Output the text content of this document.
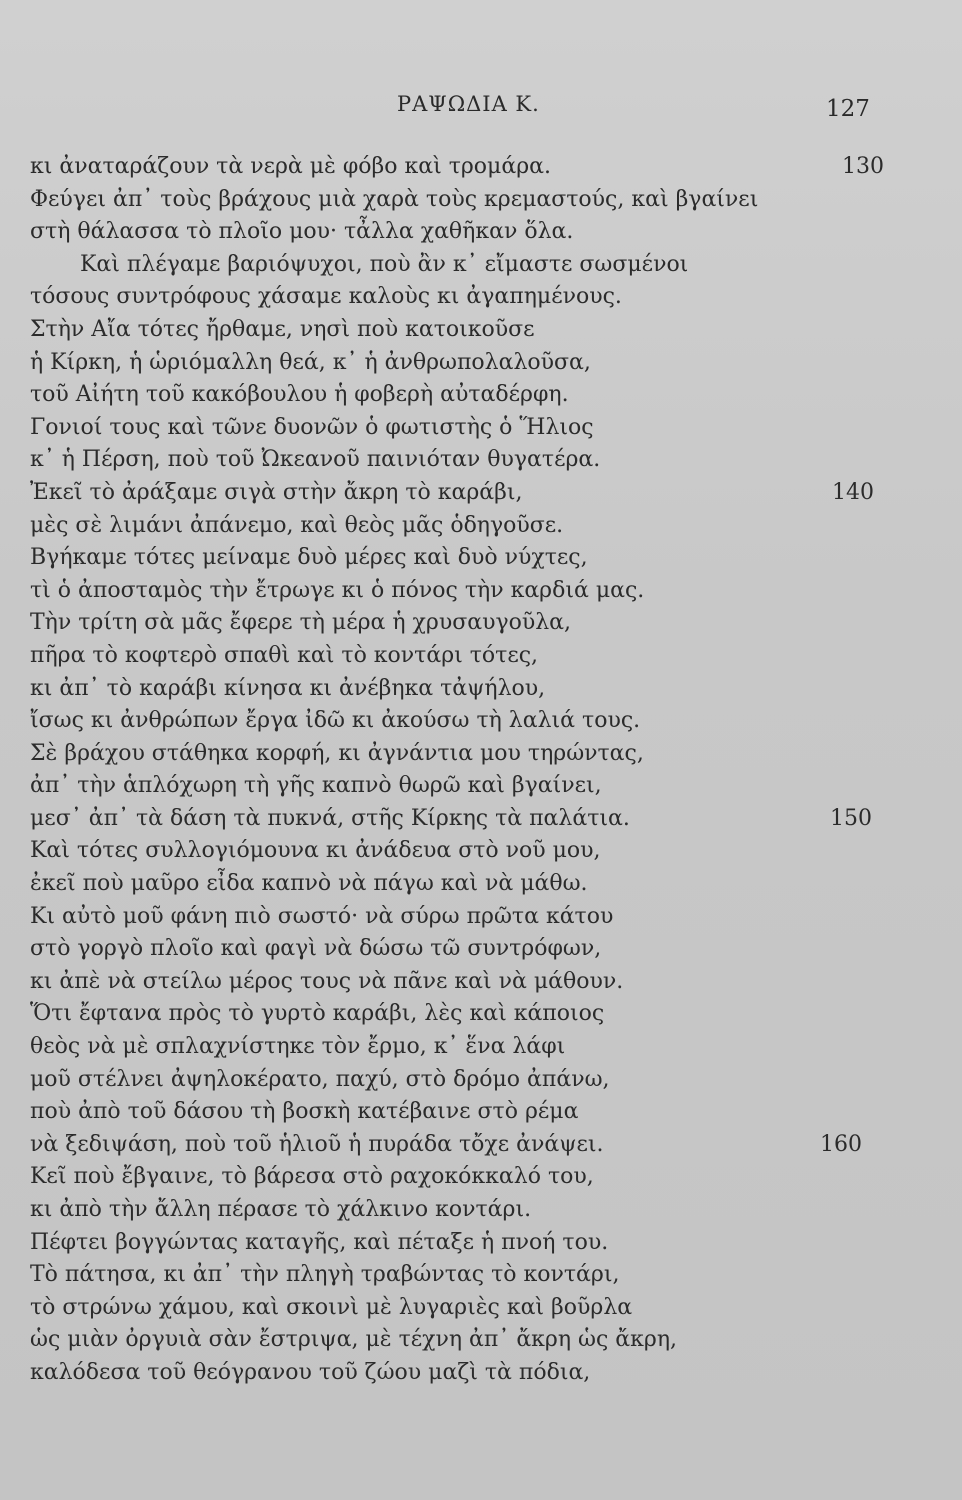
ΡΑΨΩΔΙΑ Κ.	127
κι ἀναταράζουν τὰ νερὰ μὲ φόβο καὶ τρομάρα.	130
Φεύγει ἀπ᾽ τοὺς βράχους μιὰ χαρὰ τοὺς κρεμαστούς, καὶ βγαίνει
στὴ θάλασσα τὸ πλοῖο μου· τἆλλα χαθῆκαν ὅλα.
Καὶ πλέγαμε βαριόψυχοι, ποὺ ἂν κ᾽ εἴμαστε σωσμένοι
τόσους συντρόφους χάσαμε καλοὺς κι ἀγαπημένους.
Στὴν Αἴα τότες ἤρθαμε, νησὶ ποὺ κατοικοῦσε
ἡ Κίρκη, ἡ ὡριόμαλλη θεά, κ᾽ ἡ ἀνθρωπολαλοῦσα,
τοῦ Αἰήτη τοῦ κακόβουλου ἡ φοβερὴ αὐταδέρφη.
Γονιοί τους καὶ τῶνε δυονῶν ὁ φωτιστὴς ὁ Ἥλιος
κ᾽ ἡ Πέρση, ποὺ τοῦ Ὠκεανοῦ παινιόταν θυγατέρα.
Ἐκεῖ τὸ ἀράξαμε σιγὰ στὴν ἄκρη τὸ καράβι,	140
μὲς σὲ λιμάνι ἀπάνεμο, καὶ θεὸς μᾶς ὁδηγοῦσε.
Βγήκαμε τότες μείναμε δυὸ μέρες καὶ δυὸ νύχτες,
τὶ ὁ ἀποσταμὸς τὴν ἔτρωγε κι ὁ πόνος τὴν καρδιά μας.
Τὴν τρίτη σὰ μᾶς ἔφερε τὴ μέρα ἡ χρυσαυγοῦλα,
πῆρα τὸ κοφτερὸ σπαθὶ καὶ τὸ κοντάρι τότες,
κι ἀπ᾽ τὸ καράβι κίνησα κι ἀνέβηκα τἀψήλου,
ἴσως κι ἀνθρώπων ἔργα ἰδῶ κι ἀκούσω τὴ λαλιά τους.
Σὲ βράχου στάθηκα κορφή, κι ἀγνάντια μου τηρώντας,
ἀπ᾽ τὴν ἁπλόχωρη τὴ γῆς καπνὸ θωρῶ καὶ βγαίνει,
μεσ᾽ ἀπ᾽ τὰ δάση τὰ πυκνά, στῆς Κίρκης τὰ παλάτια.	150
Καὶ τότες συλλογιόμουνα κι ἀνάδευα στὸ νοῦ μου,
ἐκεῖ ποὺ μαῦρο εἶδα καπνὸ νὰ πάγω καὶ νὰ μάθω.
Κι αὐτὸ μοῦ φάνη πιὸ σωστό· νὰ σύρω πρῶτα κάτου
στὸ γοργὸ πλοῖο καὶ φαγὶ νὰ δώσω τῶ συντρόφων,
κι ἀπὲ νὰ στείλω μέρος τους νὰ πᾶνε καὶ νὰ μάθουν.
Ὅτι ἔφτανα πρὸς τὸ γυρτὸ καράβι, λὲς καὶ κάποιος
θεὸς νὰ μὲ σπλαχνίστηκε τὸν ἔρμο, κ᾽ ἕνα λάφι
μοῦ στέλνει ἀψηλοκέρατο, παχύ, στὸ δρόμο ἀπάνω,
ποὺ ἀπὸ τοῦ δάσου τὴ βοσκὴ κατέβαινε στὸ ρέμα
νὰ ξεδιψάση, ποὺ τοῦ ἡλιοῦ ἡ πυράδα τὄχε ἀνάψει.	160
Κεῖ ποὺ ἔβγαινε, τὸ βάρεσα στὸ ραχοκόκκαλό του,
κι ἀπὸ τὴν ἄλλη πέρασε τὸ χάλκινο κοντάρι.
Πέφτει βογγώντας καταγῆς, καὶ πέταξε ἡ πνοή του.
Τὸ πάτησα, κι ἀπ᾽ τὴν πληγὴ τραβώντας τὸ κοντάρι,
τὸ στρώνω χάμου, καὶ σκοινὶ μὲ λυγαριὲς καὶ βοῦρλα
ὡς μιὰν ὀργυιὰ σὰν ἔστριψα, μὲ τέχνη ἀπ᾽ ἄκρη ὡς ἄκρη,
καλόδεσα τοῦ θεόγρανου τοῦ ζώου μαζὶ τὰ πόδια,
